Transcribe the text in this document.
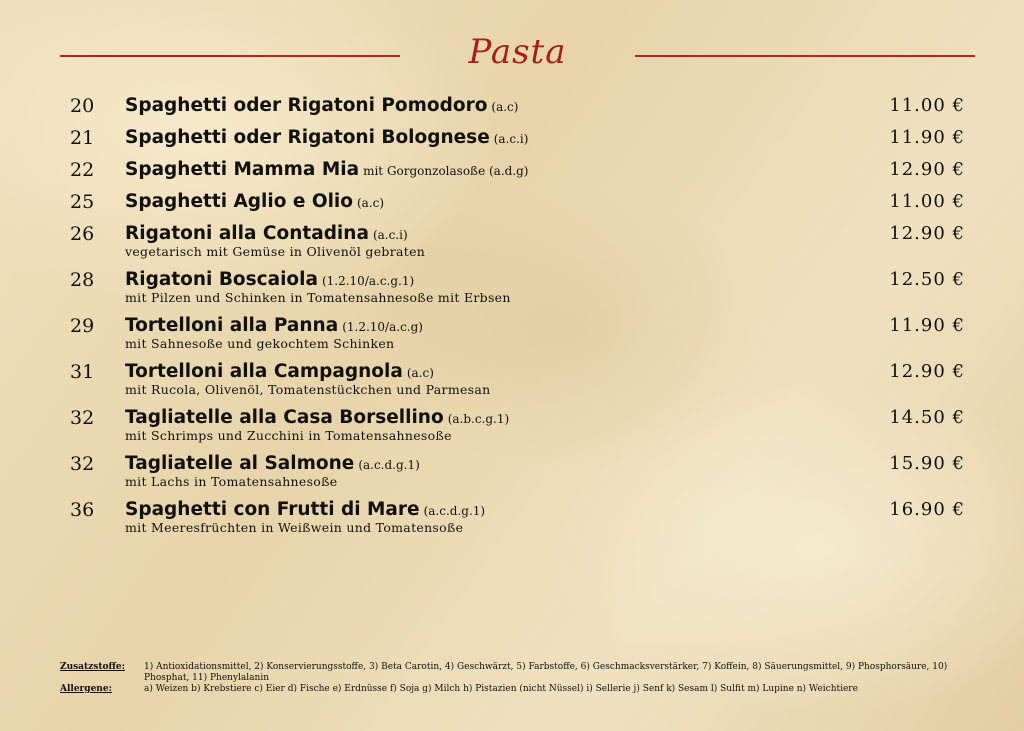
Pasta
20	Spaghetti oder Rigatoni Pomodoro (a.c)	11.00 €
21	Spaghetti oder Rigatoni Bolognese (a.c.i)	11.90 €
22	Spaghetti Mamma Mia mit Gorgonzolasoße (a.d.g)	12.90 €
25	Spaghetti Aglio e Olio (a.c)	11.00 €
26	Rigatoni alla Contadina (a.c.i)	12.90 €
vegetarisch mit Gemüse in Olivenöl gebraten
28	Rigatoni Boscaiola (1.2.10/a.c.g.1)	12.50 €
mit Pilzen und Schinken in Tomatensahnesoße mit Erbsen
29	Tortelloni alla Panna (1.2.10/a.c.g)	11.90 €
mit Sahnesoße und gekochtem Schinken
31	Tortelloni alla Campagnola (a.c)	12.90 €
mit Rucola, Olivenöl, Tomatenstückchen und Parmesan
32	Tagliatelle alla Casa Borsellino (a.b.c.g.1)	14.50 €
mit Schrimps und Zucchini in Tomatensahnesoße
32	Tagliatelle al Salmone (a.c.d.g.1)	15.90 €
mit Lachs in Tomatensahnesoße
36	Spaghetti con Frutti di Mare (a.c.d.g.1)	16.90 €
mit Meeresfrüchten in Weißwein und Tomatensoße
Zusatzstoffe:	1) Antioxidationsmittel, 2) Konservierungsstoffe, 3) Beta Carotin, 4) Geschwärzt, 5) Farbstoffe, 6) Geschmacksverstärker, 7) Koffein, 8) Säuerungsmittel, 9) Phosphorsäure, 10) Phosphat, 11) Phenylalanin
Allergene:	a) Weizen b) Krebstiere c) Eier d) Fische e) Erdnüsse f) Soja g) Milch h) Pistazien (nicht Nüssel) i) Sellerie j) Senf k) Sesam l) Sulfit m) Lupine n) Weichtiere
